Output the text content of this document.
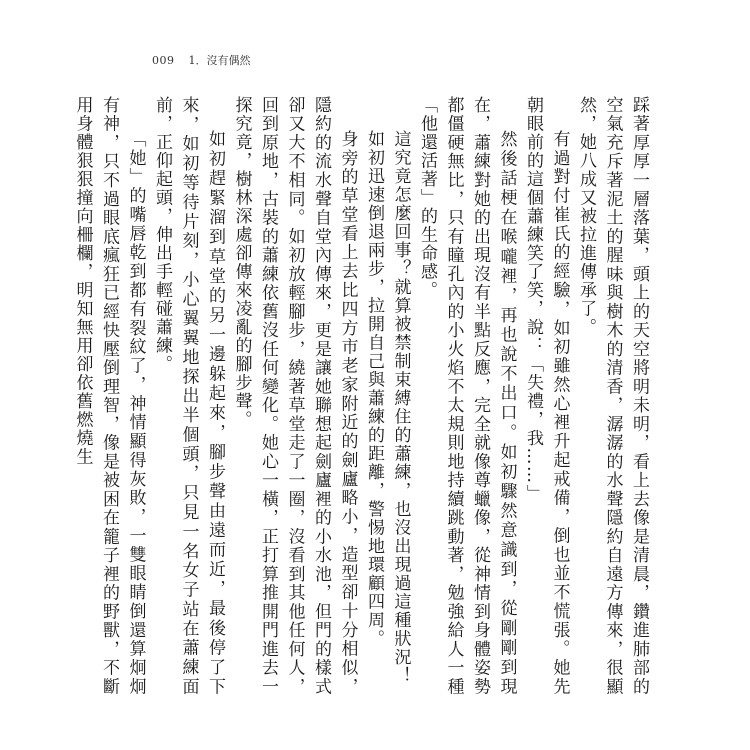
009 1．沒有偶然

踩著厚厚一層落葉，頭上的天空將明未明，看上去像是清晨，鑽進肺部的空氣充斥著泥土的腥味與樹木的清香，潺潺的水聲隱約自遠方傳來，很顯然，她八成又被拉進傳承了。

有過對付崔氏的經驗，如初雖然心裡升起戒備，倒也並不慌張。她先朝眼前的這個蕭練笑了笑，說：「失禮，我……」

然後話梗在喉嚨裡，再也說不出口。如初驟然意識到，從剛剛到現在，蕭練對她的出現沒有半點反應，完全就像尊蠟像，從神情到身體姿勢都僵硬無比，只有瞳孔內的小火焰不太規則地持續跳動著，勉強給人一種「他還活著」的生命感。

這究竟怎麼回事？就算被禁制束縛住的蕭練，也沒出現過這種狀況！

如初迅速倒退兩步，拉開自己與蕭練的距離，警惕地環顧四周。

身旁的草堂看上去比四方市老家附近的劍廬略小，造型卻十分相似，隱約的流水聲自堂內傳來，更是讓她聯想起劍廬裡的小水池，但門的樣式卻又大不相同。如初放輕腳步，繞著草堂走了一圈，沒看到其他任何人，回到原地，古裝的蕭練依舊沒任何變化。她心一橫，正打算推開門進去一探究竟，樹林深處卻傳來凌亂的腳步聲。

如初趕緊溜到草堂的另一邊躲起來，腳步聲由遠而近，最後停了下來，如初等待片刻，小心翼翼地探出半個頭，只見一名女子站在蕭練面前，正仰起頭，伸出手輕碰蕭練。

「她」的嘴唇乾到都有裂紋了，神情顯得灰敗，一雙眼睛倒還算炯炯有神，只不過眼底瘋狂已經快壓倒理智，像是被困在籠子裡的野獸，不斷用身體狠狠撞向柵欄，明知無用卻依舊燃燒生
